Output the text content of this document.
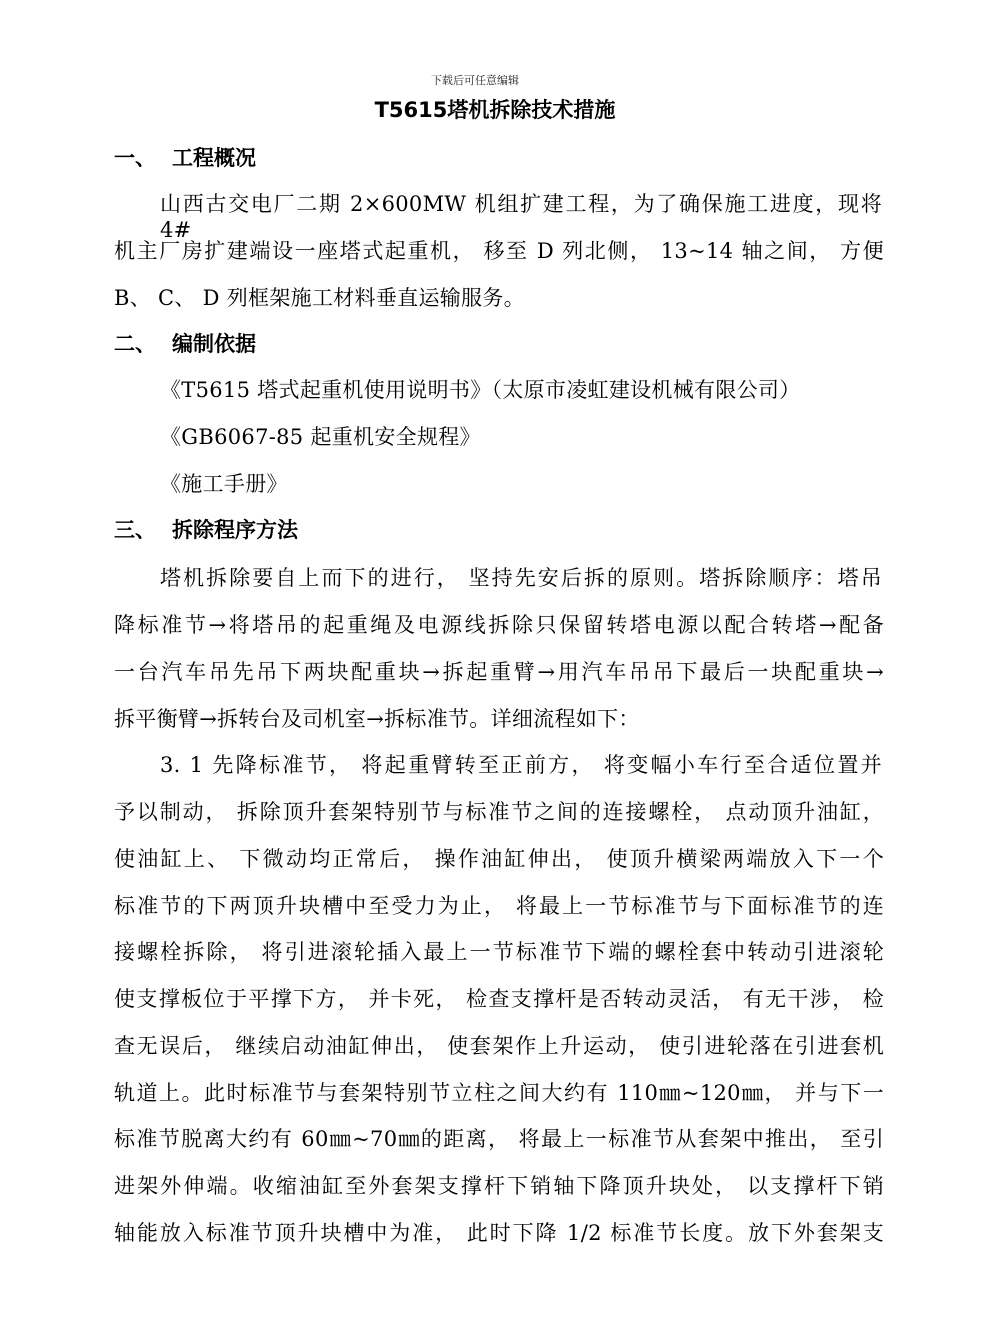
下载后可任意编辑
T5615塔机拆除技术措施
一、 工程概况
山西古交电厂二期 2×600MW 机组扩建工程，为了确保施工进度，现将 4#
机主厂房扩建端设一座塔式起重机， 移至 D 列北侧， 13~14 轴之间， 方便
B、 C、 D 列框架施工材料垂直运输服务。
二、 编制依据
《T5615 塔式起重机使用说明书》（太原市凌虹建设机械有限公司）
《GB6067-85 起重机安全规程》
《施工手册》
三、 拆除程序方法
塔机拆除要自上而下的进行， 坚持先安后拆的原则。塔拆除顺序：塔吊
降标准节→将塔吊的起重绳及电源线拆除只保留转塔电源以配合转塔→配备
一台汽车吊先吊下两块配重块→拆起重臂→用汽车吊吊下最后一块配重块→
拆平衡臂→拆转台及司机室→拆标准节。详细流程如下：
3. 1 先降标准节， 将起重臂转至正前方， 将变幅小车行至合适位置并
予以制动， 拆除顶升套架特别节与标准节之间的连接螺栓， 点动顶升油缸，
使油缸上、 下微动均正常后， 操作油缸伸出， 使顶升横梁两端放入下一个
标准节的下两顶升块槽中至受力为止， 将最上一节标准节与下面标准节的连
接螺栓拆除， 将引进滚轮插入最上一节标准节下端的螺栓套中转动引进滚轮
使支撑板位于平撑下方， 并卡死， 检查支撑杆是否转动灵活， 有无干涉， 检
查无误后， 继续启动油缸伸出， 使套架作上升运动， 使引进轮落在引进套机
轨道上。此时标准节与套架特别节立柱之间大约有 110㎜~120㎜， 并与下一
标准节脱离大约有 60㎜~70㎜的距离， 将最上一标准节从套架中推出， 至引
进架外伸端。收缩油缸至外套架支撑杆下销轴下降顶升块处， 以支撑杆下销
轴能放入标准节顶升块槽中为准， 此时下降 1/2 标准节长度。放下外套架支
